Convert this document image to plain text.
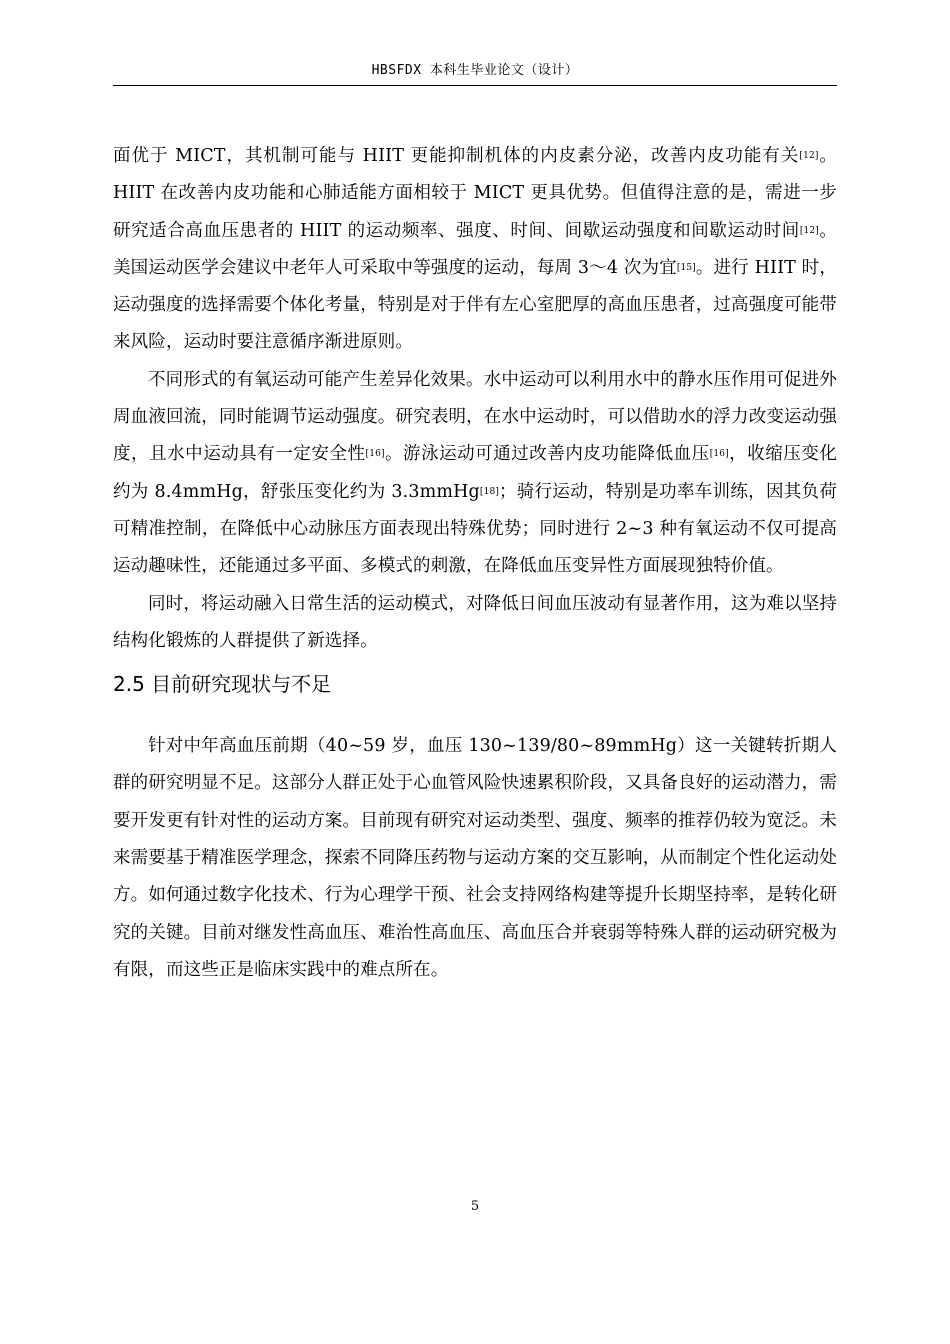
HBSFDX 本科生毕业论文（设计）

面优于 MICT，其机制可能与 HIIT 更能抑制机体的内皮素分泌，改善内皮功能有关[12]。HIIT 在改善内皮功能和心肺适能方面相较于 MICT 更具优势。但值得注意的是，需进一步研究适合高血压患者的 HIIT 的运动频率、强度、时间、间歇运动强度和间歇运动时间[12]。美国运动医学会建议中老年人可采取中等强度的运动，每周 3～4 次为宜[15]。进行 HIIT 时，运动强度的选择需要个体化考量，特别是对于伴有左心室肥厚的高血压患者，过高强度可能带来风险，运动时要注意循序渐进原则。

不同形式的有氧运动可能产生差异化效果。水中运动可以利用水中的静水压作用可促进外周血液回流，同时能调节运动强度。研究表明，在水中运动时，可以借助水的浮力改变运动强度，且水中运动具有一定安全性[16]。游泳运动可通过改善内皮功能降低血压[16]，收缩压变化约为 8.4mmHg，舒张压变化约为 3.3mmHg[18]；骑行运动，特别是功率车训练，因其负荷可精准控制，在降低中心动脉压方面表现出特殊优势；同时进行 2~3 种有氧运动不仅可提高运动趣味性，还能通过多平面、多模式的刺激，在降低血压变异性方面展现独特价值。

同时，将运动融入日常生活的运动模式，对降低日间血压波动有显著作用，这为难以坚持结构化锻炼的人群提供了新选择。

2.5 目前研究现状与不足

针对中年高血压前期（40~59 岁，血压 130~139/80~89mmHg）这一关键转折期人群的研究明显不足。这部分人群正处于心血管风险快速累积阶段，又具备良好的运动潜力，需要开发更有针对性的运动方案。目前现有研究对运动类型、强度、频率的推荐仍较为宽泛。未来需要基于精准医学理念，探索不同降压药物与运动方案的交互影响，从而制定个性化运动处方。如何通过数字化技术、行为心理学干预、社会支持网络构建等提升长期坚持率，是转化研究的关键。目前对继发性高血压、难治性高血压、高血压合并衰弱等特殊人群的运动研究极为有限，而这些正是临床实践中的难点所在。

5
